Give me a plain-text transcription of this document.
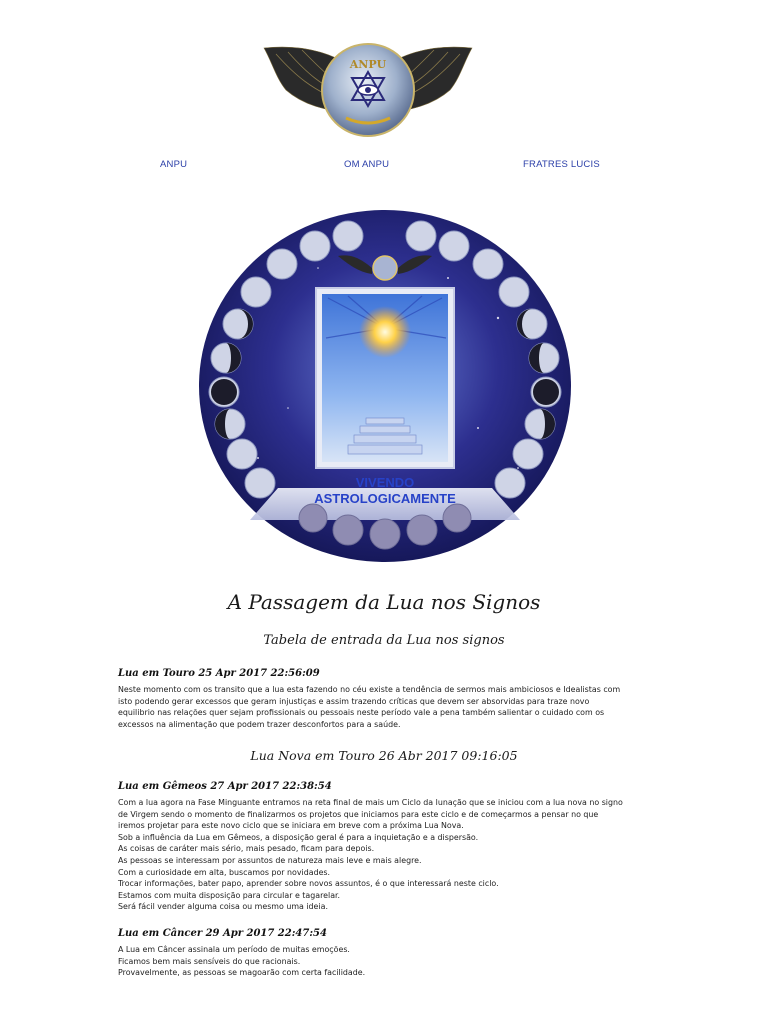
ANPU
ANPU	OM ANPU	FRATRES LUCIS
VIVENDO
ASTROLOGICAMENTE
A Passagem da Lua nos Signos
Tabela de entrada da Lua nos signos
Lua em Touro 25 Apr 2017 22:56:09
Neste momento com os transito que a lua esta fazendo no céu existe a tendência de sermos mais ambiciosos e Idealistas com
isto podendo gerar excessos que geram injustiças e assim trazendo críticas que devem ser absorvidas para traze novo
equilibrio nas relações quer sejam profissionais ou pessoais neste período vale a pena também salientar o cuidado com os
excessos na alimentação que podem trazer desconfortos para a saúde.
Lua Nova em Touro 26 Abr 2017 09:16:05
Lua em Gêmeos 27 Apr 2017 22:38:54
Com a lua agora na Fase Minguante entramos na reta final de mais um Ciclo da lunação que se iniciou com a lua nova no signo
de Virgem sendo o momento de finalizarmos os projetos que iniciamos para este ciclo e de começarmos a pensar no que
iremos projetar para este novo ciclo que se iniciara em breve com a próxima Lua Nova.
Sob a influência da Lua em Gêmeos, a disposição geral é para a inquietação e a dispersão.
As coisas de caráter mais sério, mais pesado, ficam para depois.
As pessoas se interessam por assuntos de natureza mais leve e mais alegre.
Com a curiosidade em alta, buscamos por novidades.
Trocar informações, bater papo, aprender sobre novos assuntos, é o que interessará neste ciclo.
Estamos com muita disposição para circular e tagarelar.
Será fácil vender alguma coisa ou mesmo uma ideia.
Lua em Câncer 29 Apr 2017 22:47:54
A Lua em Câncer assinala um período de muitas emoções.
Ficamos bem mais sensíveis do que racionais.
Provavelmente, as pessoas se magoarão com certa facilidade.
